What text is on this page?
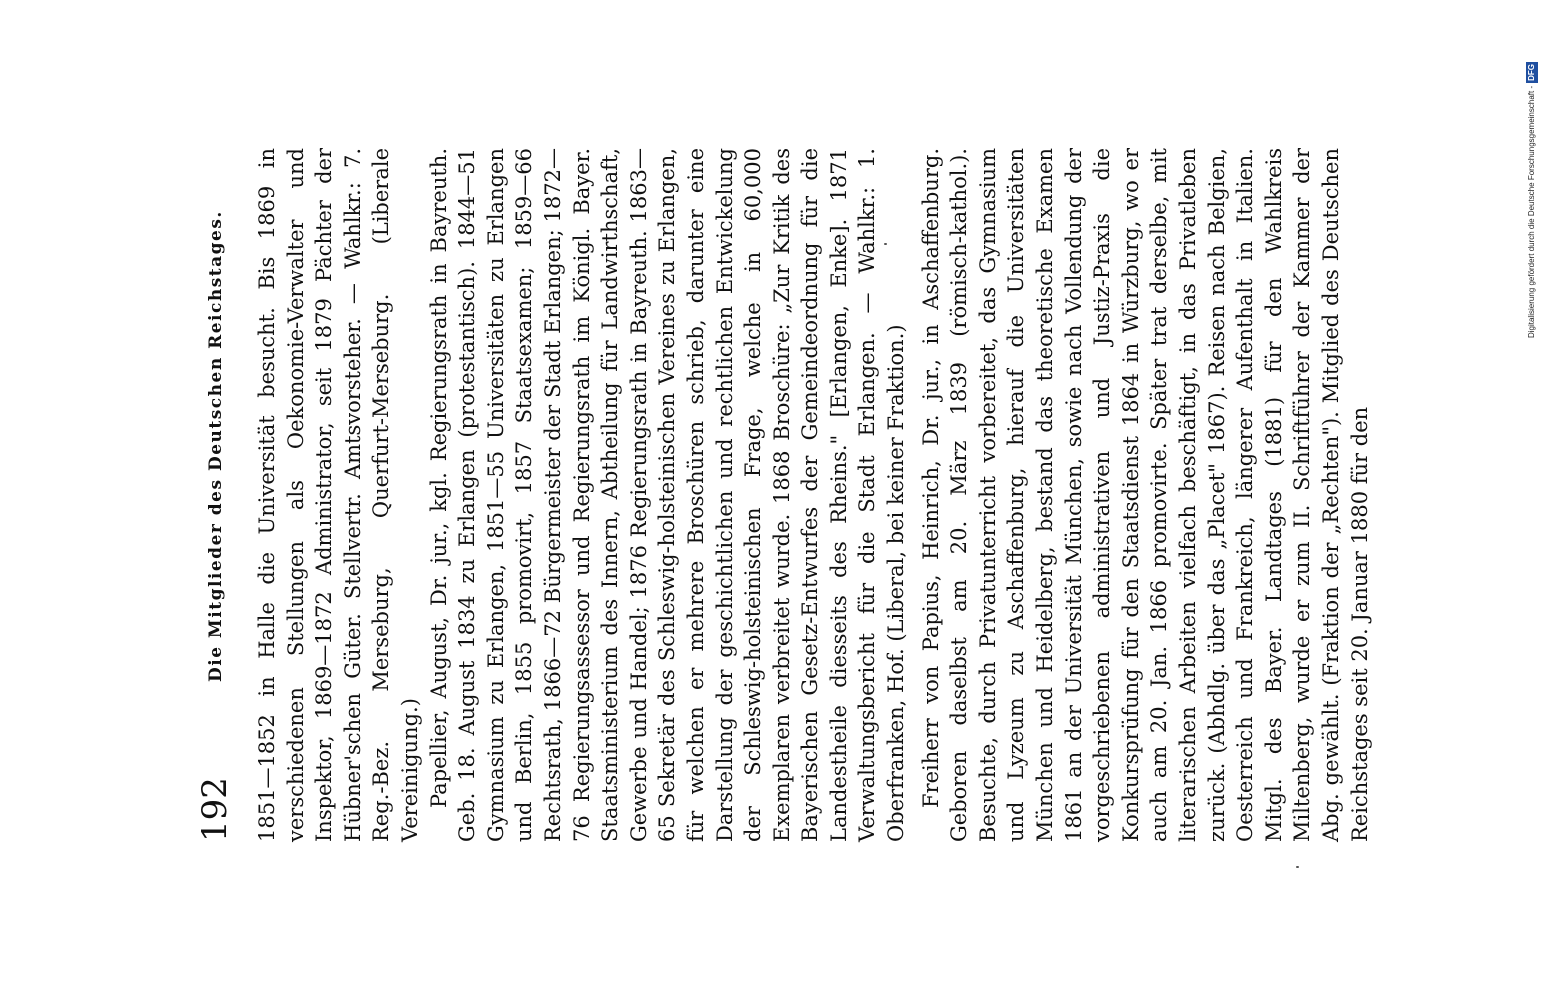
192
Die Mitglieder des Deutschen Reichstages. 1851—1852 in Halle die Universität besucht. Bis 1869 in verschiedenen Stellungen als Oekonomie-Verwalter und Inspektor, 1869—1872 Administrator, seit 1879 Pächter der Hübner'schen Güter. Stellvertr. Amtsvorsteher. — Wahlkr.: 7. Reg.-Bez. Merseburg, Querfurt-Merseburg. (Liberale Vereinigung.) Papellier, August, Dr. jur., kgl. Regierungsrath in Bayreuth. Geb. 18. August 1834 zu Erlangen (protestantisch). 1844—51 Gymnasium zu Erlangen, 1851—55 Universitäten zu Erlangen und Berlin, 1855 promovirt, 1857 Staatsexamen; 1859—66 Rechtsrath, 1866—72 Bürgermeister der Stadt Erlangen; 1872—76 Regierungsassessor und Regierungsrath im Königl. Bayer. Staatsministerium des Innern, Abtheilung für Landwirthschaft, Gewerbe und Handel; 1876 Regierungsrath in Bayreuth. 1863—65 Sekretär des Schleswig-holsteinischen Vereines zu Erlangen, für welchen er mehrere Broschüren schrieb, darunter eine Darstellung der geschichtlichen und rechtlichen Entwickelung der Schleswig-holsteinischen Frage, welche in 60,000 Exemplaren verbreitet wurde. 1868 Broschüre: „Zur Kritik des Bayerischen Gesetz-Entwurfes der Gemeindeordnung für die Landestheile diesseits des Rheins." [Erlangen, Enke]. 1871 Verwaltungsbericht für die Stadt Erlangen. — Wahlkr.: 1. Oberfranken, Hof. (Liberal, bei keiner Fraktion.) Freiherr von Papius, Heinrich, Dr. jur., in Aschaffenburg. Geboren daselbst am 20. März 1839 (römisch-kathol.). Besuchte, durch Privatunterricht vorbereitet, das Gymnasium und Lyzeum zu Aschaffenburg, hierauf die Universitäten München und Heidelberg, bestand das theoretische Examen 1861 an der Universität München, sowie nach Vollendung der vorgeschriebenen administrativen und Justiz-Praxis die Konkursprüfung für den Staatsdienst 1864 in Würzburg, wo er auch am 20. Jan. 1866 promovirte. Später trat derselbe, mit literarischen Arbeiten vielfach beschäftigt, in das Privatleben zurück. (Abhdlg. über das „Placet" 1867). Reisen nach Belgien, Oesterreich und Frankreich, längerer Aufenthalt in Italien. Mitgl. des Bayer. Landtages (1881) für den Wahlkreis Miltenberg, wurde er zum II. Schriftführer der Kammer der Abg. gewählt. (Fraktion der „Rechten"). Mitglied des Deutschen Reichstages seit 20. Januar 1880 für den

Digitalisierung gefördert durch die Deutsche Forschungsgemeinschaft -DFG
